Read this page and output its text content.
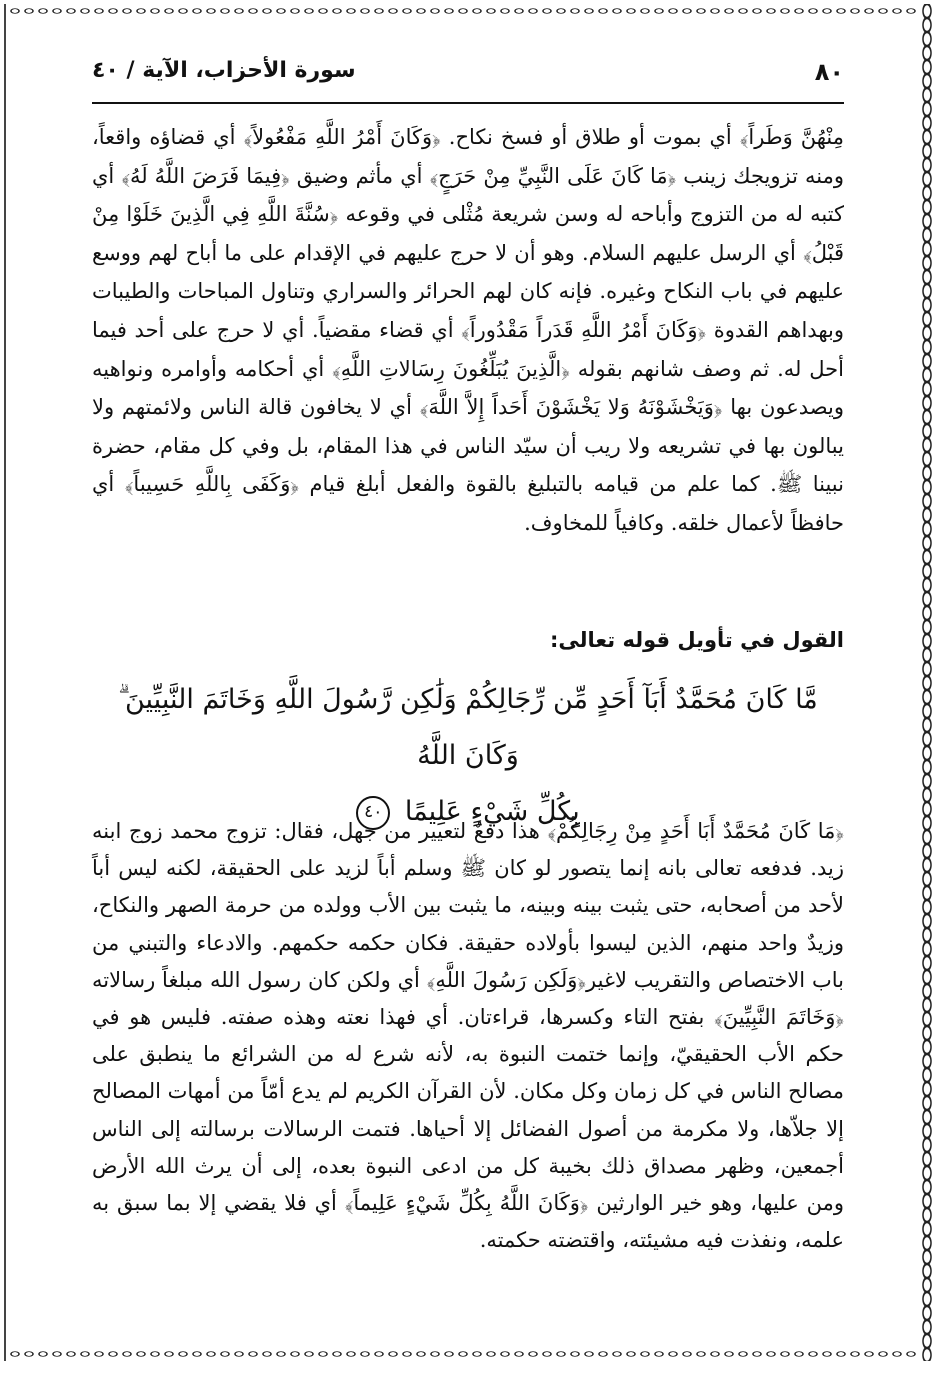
٨٠
سورة الأحزاب، الآية / ٤٠

مِنْهُنَّ وَطَراً﴾ أي بموت أو طلاق أو فسخ نكاح. ﴿وَكَانَ أَمْرُ اللَّهِ مَفْعُولاً﴾ أي قضاؤه واقعاً، ومنه تزويجك زينب ﴿مَا كَانَ عَلَى النَّبِيِّ مِنْ حَرَجٍ﴾ أي مأثم وضيق ﴿فِيمَا فَرَضَ اللَّهُ لَهُ﴾ أي كتبه له من التزوج وأباحه له وسن شريعة مُثْلى في وقوعه ﴿سُنَّةَ اللَّهِ فِي الَّذِينَ خَلَوْا مِنْ قَبْلُ﴾ أي الرسل عليهم السلام. وهو أن لا حرج عليهم في الإقدام على ما أباح لهم ووسع عليهم في باب النكاح وغيره. فإنه كان لهم الحرائر والسراري وتناول المباحات والطيبات وبهداهم القدوة ﴿وَكَانَ أَمْرُ اللَّهِ قَدَراً مَقْدُوراً﴾ أي قضاء مقضياً. أي لا حرج على أحد فيما أحل له. ثم وصف شانهم بقوله ﴿الَّذِينَ يُبَلِّغُونَ رِسَالاتِ اللَّهِ﴾ أي أحكامه وأوامره ونواهيه ويصدعون بها ﴿وَيَخْشَوْنَهُ وَلا يَخْشَوْنَ أَحَداً إِلاَّ اللَّهَ﴾ أي لا يخافون قالة الناس ولائمتهم ولا يبالون بها في تشريعه ولا ريب أن سيّد الناس في هذا المقام، بل وفي كل مقام، حضرة نبينا ﷺ. كما علم من قيامه بالتبليغ بالقوة والفعل أبلغ قيام ﴿وَكَفَى بِاللَّهِ حَسِيباً﴾ أي حافظاً لأعمال خلقه. وكافياً للمخاوف.

القول في تأويل قوله تعالى:
مَّا كَانَ مُحَمَّدٌ أَبَآ أَحَدٍ مِّن رِّجَالِكُمْ وَلَٰكِن رَّسُولَ اللَّهِ وَخَاتَمَ النَّبِيِّينَ ۗ وَكَانَ اللَّهُ
بِكُلِّ شَيْءٍ عَلِيمًا ٤٠

﴿مَا كَانَ مُحَمَّدٌ أَبَا أَحَدٍ مِنْ رِجَالِكُمْ﴾ هذا دفعٌ لتعيير من جهل، فقال: تزوج محمد زوج ابنه زيد. فدفعه تعالى بانه إنما يتصور لو كان ﷺ وسلم أباً لزيد على الحقيقة، لكنه ليس أباً لأحد من أصحابه، حتى يثبت بينه وبينه، ما يثبت بين الأب وولده من حرمة الصهر والنكاح، وزيدٌ واحد منهم، الذين ليسوا بأولاده حقيقة. فكان حكمه حكمهم. والادعاء والتبني من باب الاختصاص والتقريب لاغير﴿وَلَكِن رَسُولَ اللَّهِ﴾ أي ولكن كان رسول الله مبلغاً رسالاته ﴿وَخَاتَمَ النَّبِيِّينَ﴾ بفتح التاء وكسرها، قراءتان. أي فهذا نعته وهذه صفته. فليس هو في حكم الأب الحقيقيّ، وإنما ختمت النبوة به، لأنه شرع له من الشرائع ما ينطبق على مصالح الناس في كل زمان وكل مكان. لأن القرآن الكريم لم يدع أمّاً من أمهات المصالح إلا جلاّها، ولا مكرمة من أصول الفضائل إلا أحياها. فتمت الرسالات برسالته إلى الناس أجمعين، وظهر مصداق ذلك بخيبة كل من ادعى النبوة بعده، إلى أن يرث الله الأرض ومن عليها، وهو خير الوارثين ﴿وَكَانَ اللَّهُ بِكُلِّ شَيْءٍ عَلِيماً﴾ أي فلا يقضي إلا بما سبق به علمه، ونفذت فيه مشيئته، واقتضته حكمته.
